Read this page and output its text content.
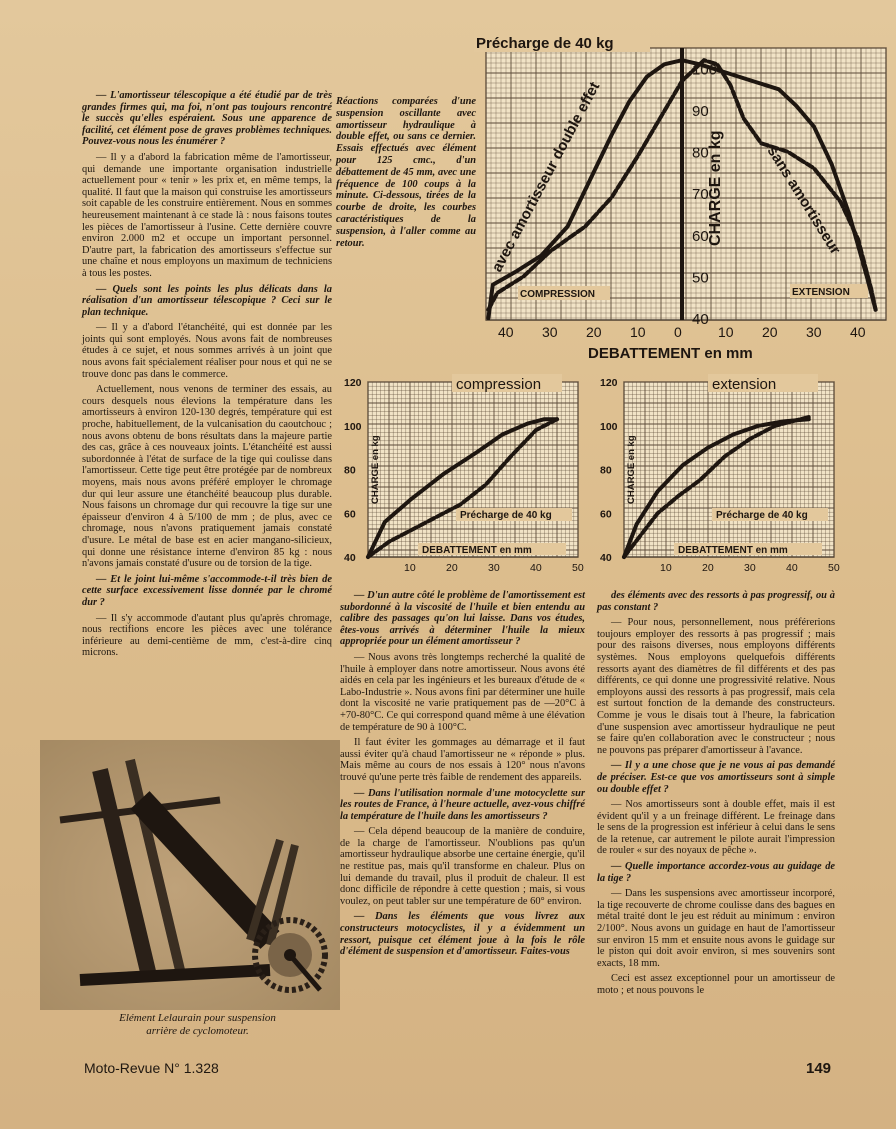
Précharge de 40 kg
40
50
60
70
80
90
100
CHARGE en kg
40 30 20 10 0	10 20 30 40
DEBATTEMENT en mm
COMPRESSION	EXTENSION
avec amortisseur double effet	sans amortisseur
Réactions comparées d'une suspension oscillante avec amortisseur hydraulique à double effet, ou sans ce dernier. Essais effectués avec élément pour 125 cmc., d'un débattement de 45 mm, avec une fréquence de 100 coups à la minute. Ci-dessous, tirées de la courbe de droite, les courbes caractéristiques de la suspension, à l'aller comme au retour.
compression
40
60
80
100
120
CHARGE en kg
10	20	30	40	50
DEBATTEMENT en mm
Précharge de 40 kg
extension
40
60
80
100
120
CHARGE en kg
10	20	30	40	50
DEBATTEMENT en mm
Précharge de 40 kg

— L'amortisseur télescopique a été étudié par de très grandes firmes qui, ma foi, n'ont pas toujours rencontré le succès qu'elles espéraient. Sous une apparence de facilité, cet élément pose de graves problèmes techniques. Pouvez-vous nous les énumérer ?

— Il y a d'abord la fabrication même de l'amortisseur, qui demande une importante organisation industrielle actuellement pour « tenir » les prix et, en même temps, la qualité. Il faut que la maison qui construise les amortisseurs soit capable de les construire entièrement. Nous en sommes heureusement maintenant à ce stade là : nous faisons toutes les pièces de l'amortisseur à l'usine. Cette dernière couvre environ 2.000 m2 et occupe un important personnel. D'autre part, la fabrication des amortisseurs s'effectue sur une chaîne et nous employons un maximum de techniciens à tous les postes.

— Quels sont les points les plus délicats dans la réalisation d'un amortisseur télescopique ? Ceci sur le plan technique.

— Il y a d'abord l'étanchéité, qui est donnée par les joints qui sont employés. Nous avons fait de nombreuses études à ce sujet, et nous sommes arrivés à un joint que nous avons fait spécialement réaliser pour nous et qui ne se trouve donc pas dans le commerce.

Actuellement, nous venons de terminer des essais, au cours desquels nous élevions la température dans les amortisseurs à environ 120-130 degrés, température qui est proche, habituellement, de la vulcanisation du caoutchouc ; nous avons obtenu de bons résultats dans la majeure partie des cas, grâce à ces nouveaux joints. L'étanchéité est aussi subordonnée à l'état de surface de la tige qui coulisse dans l'amortisseur. Cette tige peut être protégée par de nombreux moyens, mais nous avons préféré employer le chromage dur qui leur assure une étanchéité beaucoup plus durable. Nous faisons un chromage dur qui recouvre la tige sur une épaisseur d'environ 4 à 5/100 de mm ; de plus, avec ce chromage, nous n'avons pratiquement jamais constaté d'usure. Le métal de base est en acier mangano-silicieux, qui donne une résistance interne d'environ 85 kg : nous n'avons jamais constaté d'usure ou de torsion de la tige.

— Et le joint lui-même s'accommode-t-il très bien de cette surface excessivement lisse donnée par le chromé dur ?

— Il s'y accommode d'autant plus qu'après chromage, nous rectifions encore les pièces avec une tolérance inférieure au demi-centième de mm, c'est-à-dire cinq microns.

— D'un autre côté le problème de l'amortissement est subordonné à la viscosité de l'huile et bien entendu au calibre des passages qu'on lui laisse. Dans vos études, êtes-vous arrivés à déterminer l'huile la mieux appropriée pour un élément amortisseur ?

— Nous avons très longtemps recherché la qualité de l'huile à employer dans notre amortisseur. Nous avons été aidés en cela par les ingénieurs et les bureaux d'étude de « Labo-Industrie ». Nous avons fini par déterminer une huile dont la viscosité ne varie pratiquement pas de —20°C à +70-80°C. Ce qui correspond quand même à une élévation de température de 90 à 100°C.

Il faut éviter les gommages au démarrage et il faut aussi éviter qu'à chaud l'amortisseur ne « réponde » plus. Mais même au cours de nos essais à 120° nous n'avons trouvé qu'une perte très faible de rendement des appareils.

— Dans l'utilisation normale d'une motocyclette sur les routes de France, à l'heure actuelle, avez-vous chiffré la température de l'huile dans les amortisseurs ?

— Cela dépend beaucoup de la manière de conduire, de la charge de l'amortisseur. N'oublions pas qu'un amortisseur hydraulique absorbe une certaine énergie, qu'il ne restitue pas, mais qu'il transforme en chaleur. Plus on lui demande du travail, plus il produit de chaleur. Il est donc difficile de répondre à cette question ; mais, si vous voulez, on peut tabler sur une température de 60° environ.

— Dans les éléments que vous livrez aux constructeurs motocyclistes, il y a évidemment un ressort, puisque cet élément joue à la fois le rôle d'élément de suspension et d'amortisseur. Faites-vous

des éléments avec des ressorts à pas progressif, ou à pas constant ?

— Pour nous, personnellement, nous préférerions toujours employer des ressorts à pas progressif ; mais pour des raisons diverses, nous employons différents systèmes. Nous employons quelquefois différents ressorts ayant des diamètres de fil différents et des pas différents, ce qui donne une progressivité relative. Nous employons aussi des ressorts à pas progressif, mais cela est surtout fonction de la demande des constructeurs. Comme je vous le disais tout à l'heure, la fabrication d'une suspension avec amortisseur hydraulique ne peut se faire qu'en collaboration avec le constructeur ; nous ne pouvons pas préparer d'amortisseur à l'avance.

— Il y a une chose que je ne vous ai pas demandé de préciser. Est-ce que vos amortisseurs sont à simple ou double effet ?

— Nos amortisseurs sont à double effet, mais il est évident qu'il y a un freinage différent. Le freinage dans le sens de la progression est inférieur à celui dans le sens de la retenue, car autrement le pilote aurait l'impression de rouler « sur des noyaux de pêche ».

— Quelle importance accordez-vous au guidage de la tige ?

— Dans les suspensions avec amortisseur incorporé, la tige recouverte de chrome coulisse dans des bagues en métal traité dont le jeu est réduit au minimum : environ 2/100°. Nous avons un guidage en haut de l'amortisseur sur environ 15 mm et ensuite nous avons le guidage sur le piston qui doit avoir environ, si mes souvenirs sont exacts, 18 mm.

Ceci est assez exceptionnel pour un amortisseur de moto ; et nous pouvons le

Elément Lelaurain pour suspension arrière de cyclomoteur.
Moto-Revue N° 1.328	149
